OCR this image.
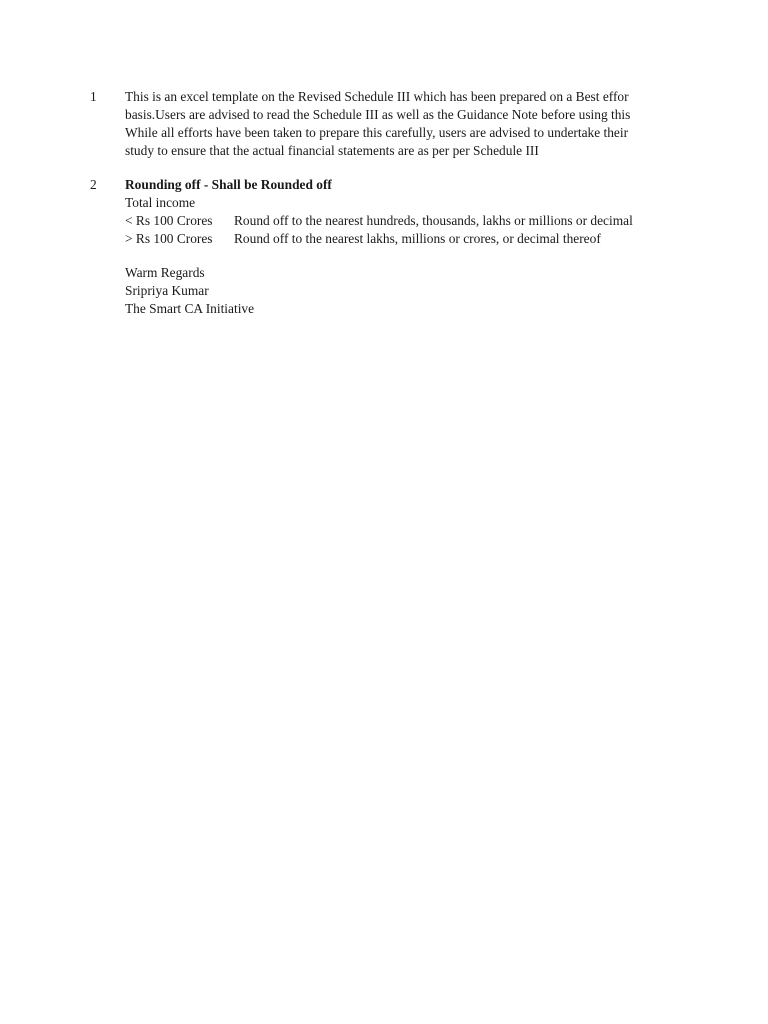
1 This is an excel template on the Revised Schedule III which has been prepared on a Best effor
basis.Users are advised to read the Schedule III as well as the Guidance Note before using this
While all efforts have been taken to prepare this carefully, users are advised to undertake their
study to ensure that the actual financial statements are as per per Schedule III
2 Rounding off - Shall be Rounded off
Total income
< Rs 100 Crores Round off to the nearest hundreds, thousands, lakhs or millions or decimal
> Rs 100 Crores Round off to the nearest lakhs, millions or crores, or decimal thereof
Warm Regards
Sripriya Kumar
The Smart CA Initiative
